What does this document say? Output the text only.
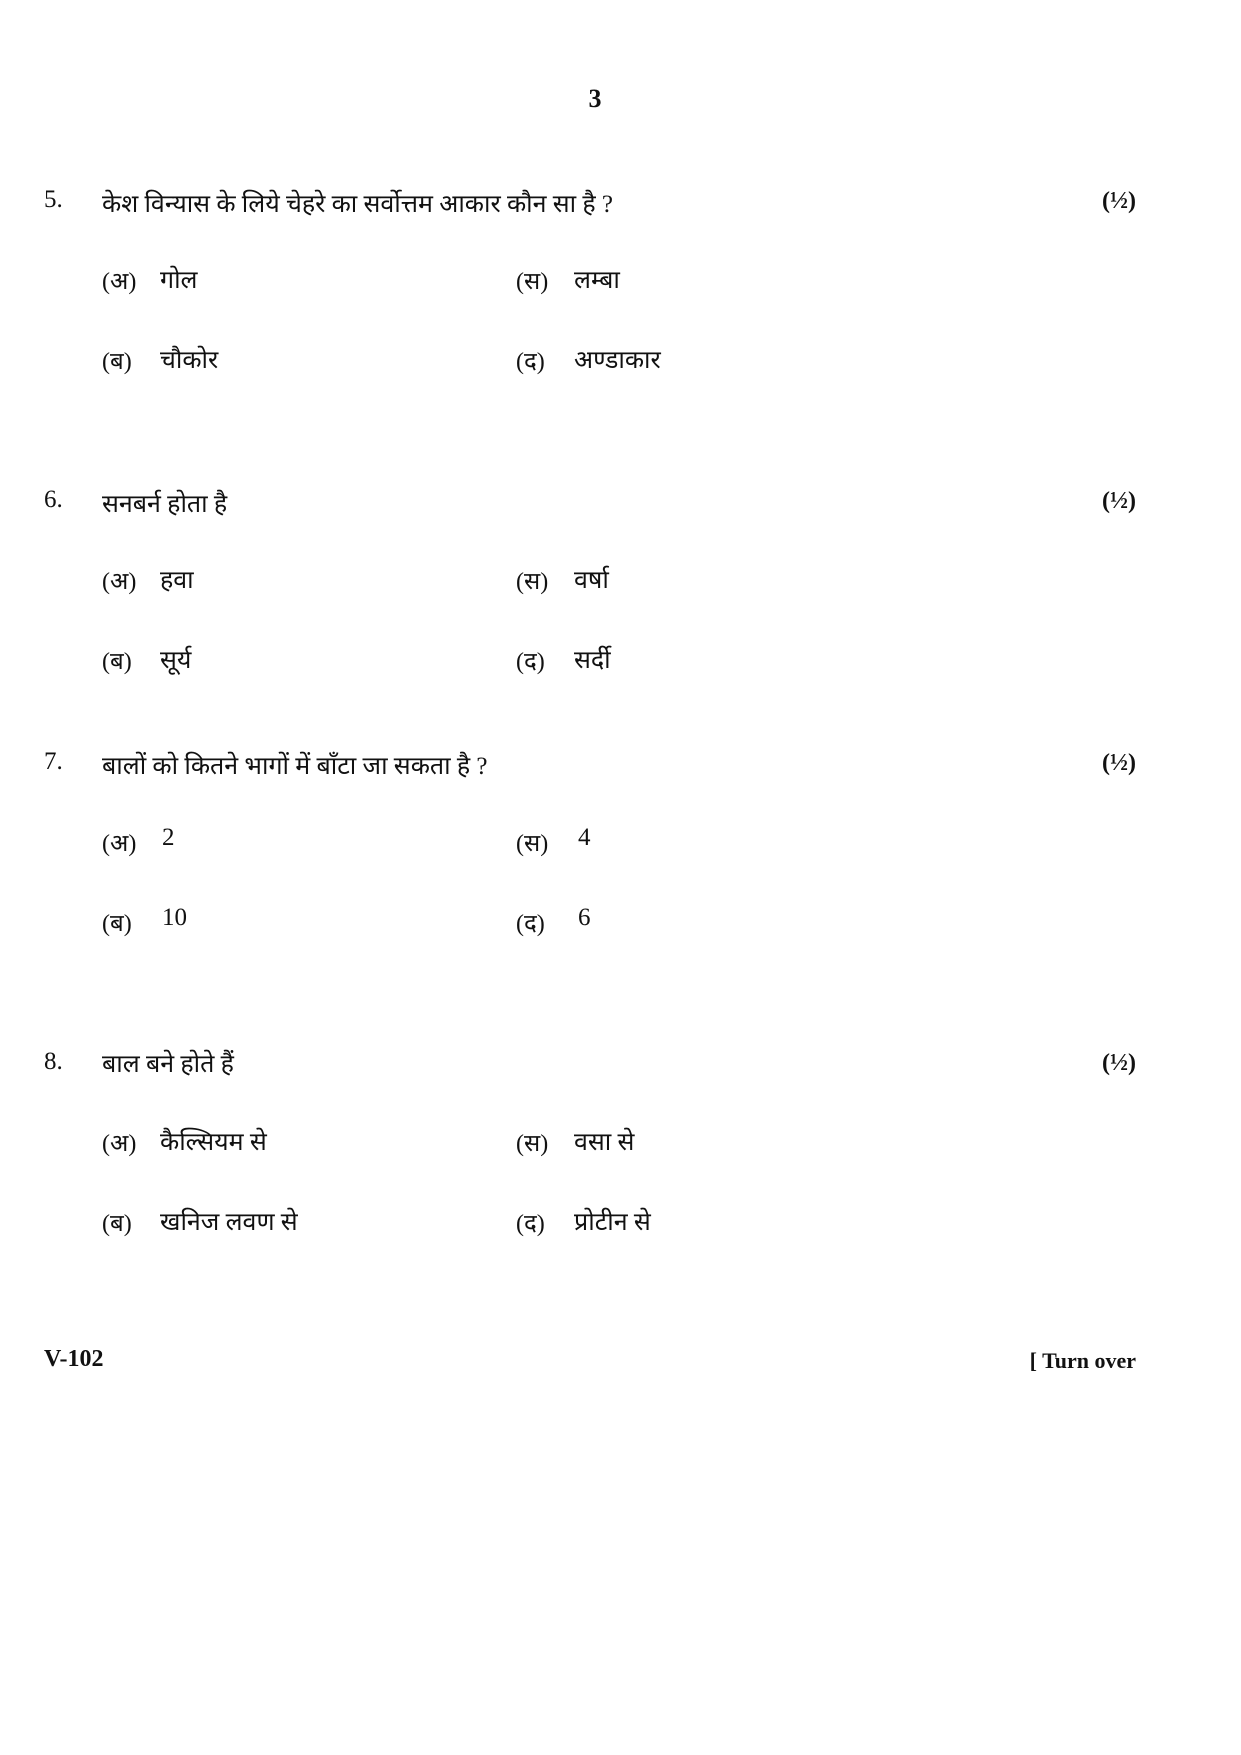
3
5. केश विन्यास के लिये चेहरे का सर्वोत्तम आकार कौन सा है ?	(½)
(अ) गोल	(स) लम्बा
(ब) चौकोर	(द) अण्डाकार
6. सनबर्न होता है	(½)
(अ) हवा	(स) वर्षा
(ब) सूर्य	(द) सर्दी
7. बालों को कितने भागों में बाँटा जा सकता है ?	(½)
(अ) 2	(स) 4
(ब) 10	(द) 6
8. बाल बने होते हैं	(½)
(अ) कैल्सियम से	(स) वसा से
(ब) खनिज लवण से	(द) प्रोटीन से
V-102	[ Turn over
